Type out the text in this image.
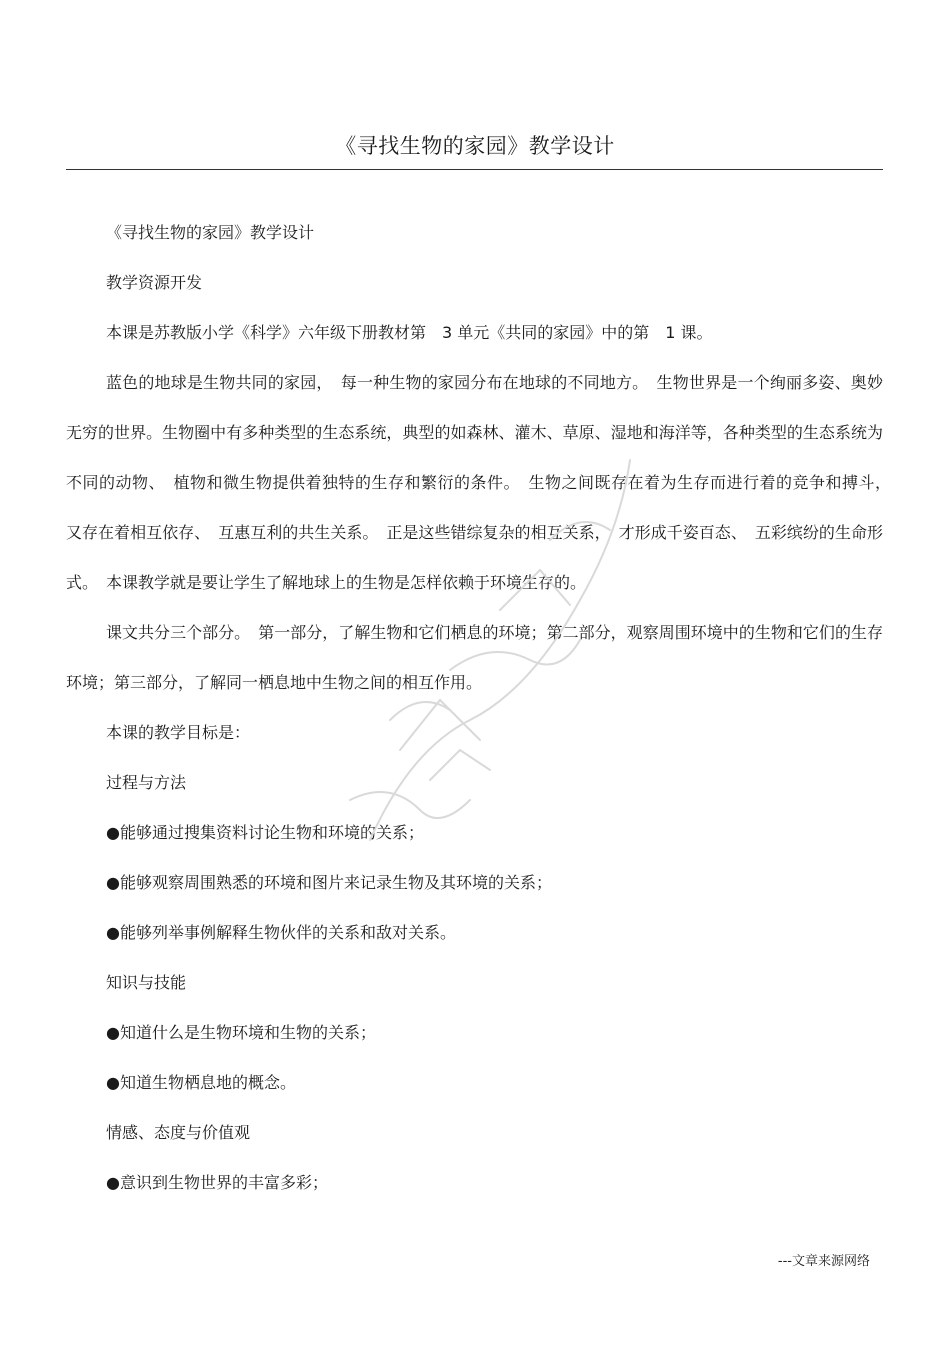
《寻找生物的家园》教学设计

《寻找生物的家园》教学设计

教学资源开发

本课是苏教版小学《科学》六年级下册教材第　3 单元《共同的家园》中的第　1 课。

蓝色的地球是生物共同的家园，　每一种生物的家园分布在地球的不同地方。　生物世界是一个绚丽多姿、奥妙无穷的世界。生物圈中有多种类型的生态系统，典型的如森林、灌木、草原、湿地和海洋等，各种类型的生态系统为不同的动物、　植物和微生物提供着独特的生存和繁衍的条件。　生物之间既存在着为生存而进行着的竞争和搏斗，　又存在着相互依存、　互惠互利的共生关系。　正是这些错综复杂的相互关系，　才形成千姿百态、　五彩缤纷的生命形式。　本课教学就是要让学生了解地球上的生物是怎样依赖于环境生存的。

课文共分三个部分。　第一部分，了解生物和它们栖息的环境；第二部分，观察周围环境中的生物和它们的生存环境；第三部分，了解同一栖息地中生物之间的相互作用。

本课的教学目标是：

过程与方法

●能够通过搜集资料讨论生物和环境的关系；

●能够观察周围熟悉的环境和图片来记录生物及其环境的关系；

●能够列举事例解释生物伙伴的关系和敌对关系。

知识与技能

●知道什么是生物环境和生物的关系；

●知道生物栖息地的概念。

情感、态度与价值观

●意识到生物世界的丰富多彩；

---文章来源网络
